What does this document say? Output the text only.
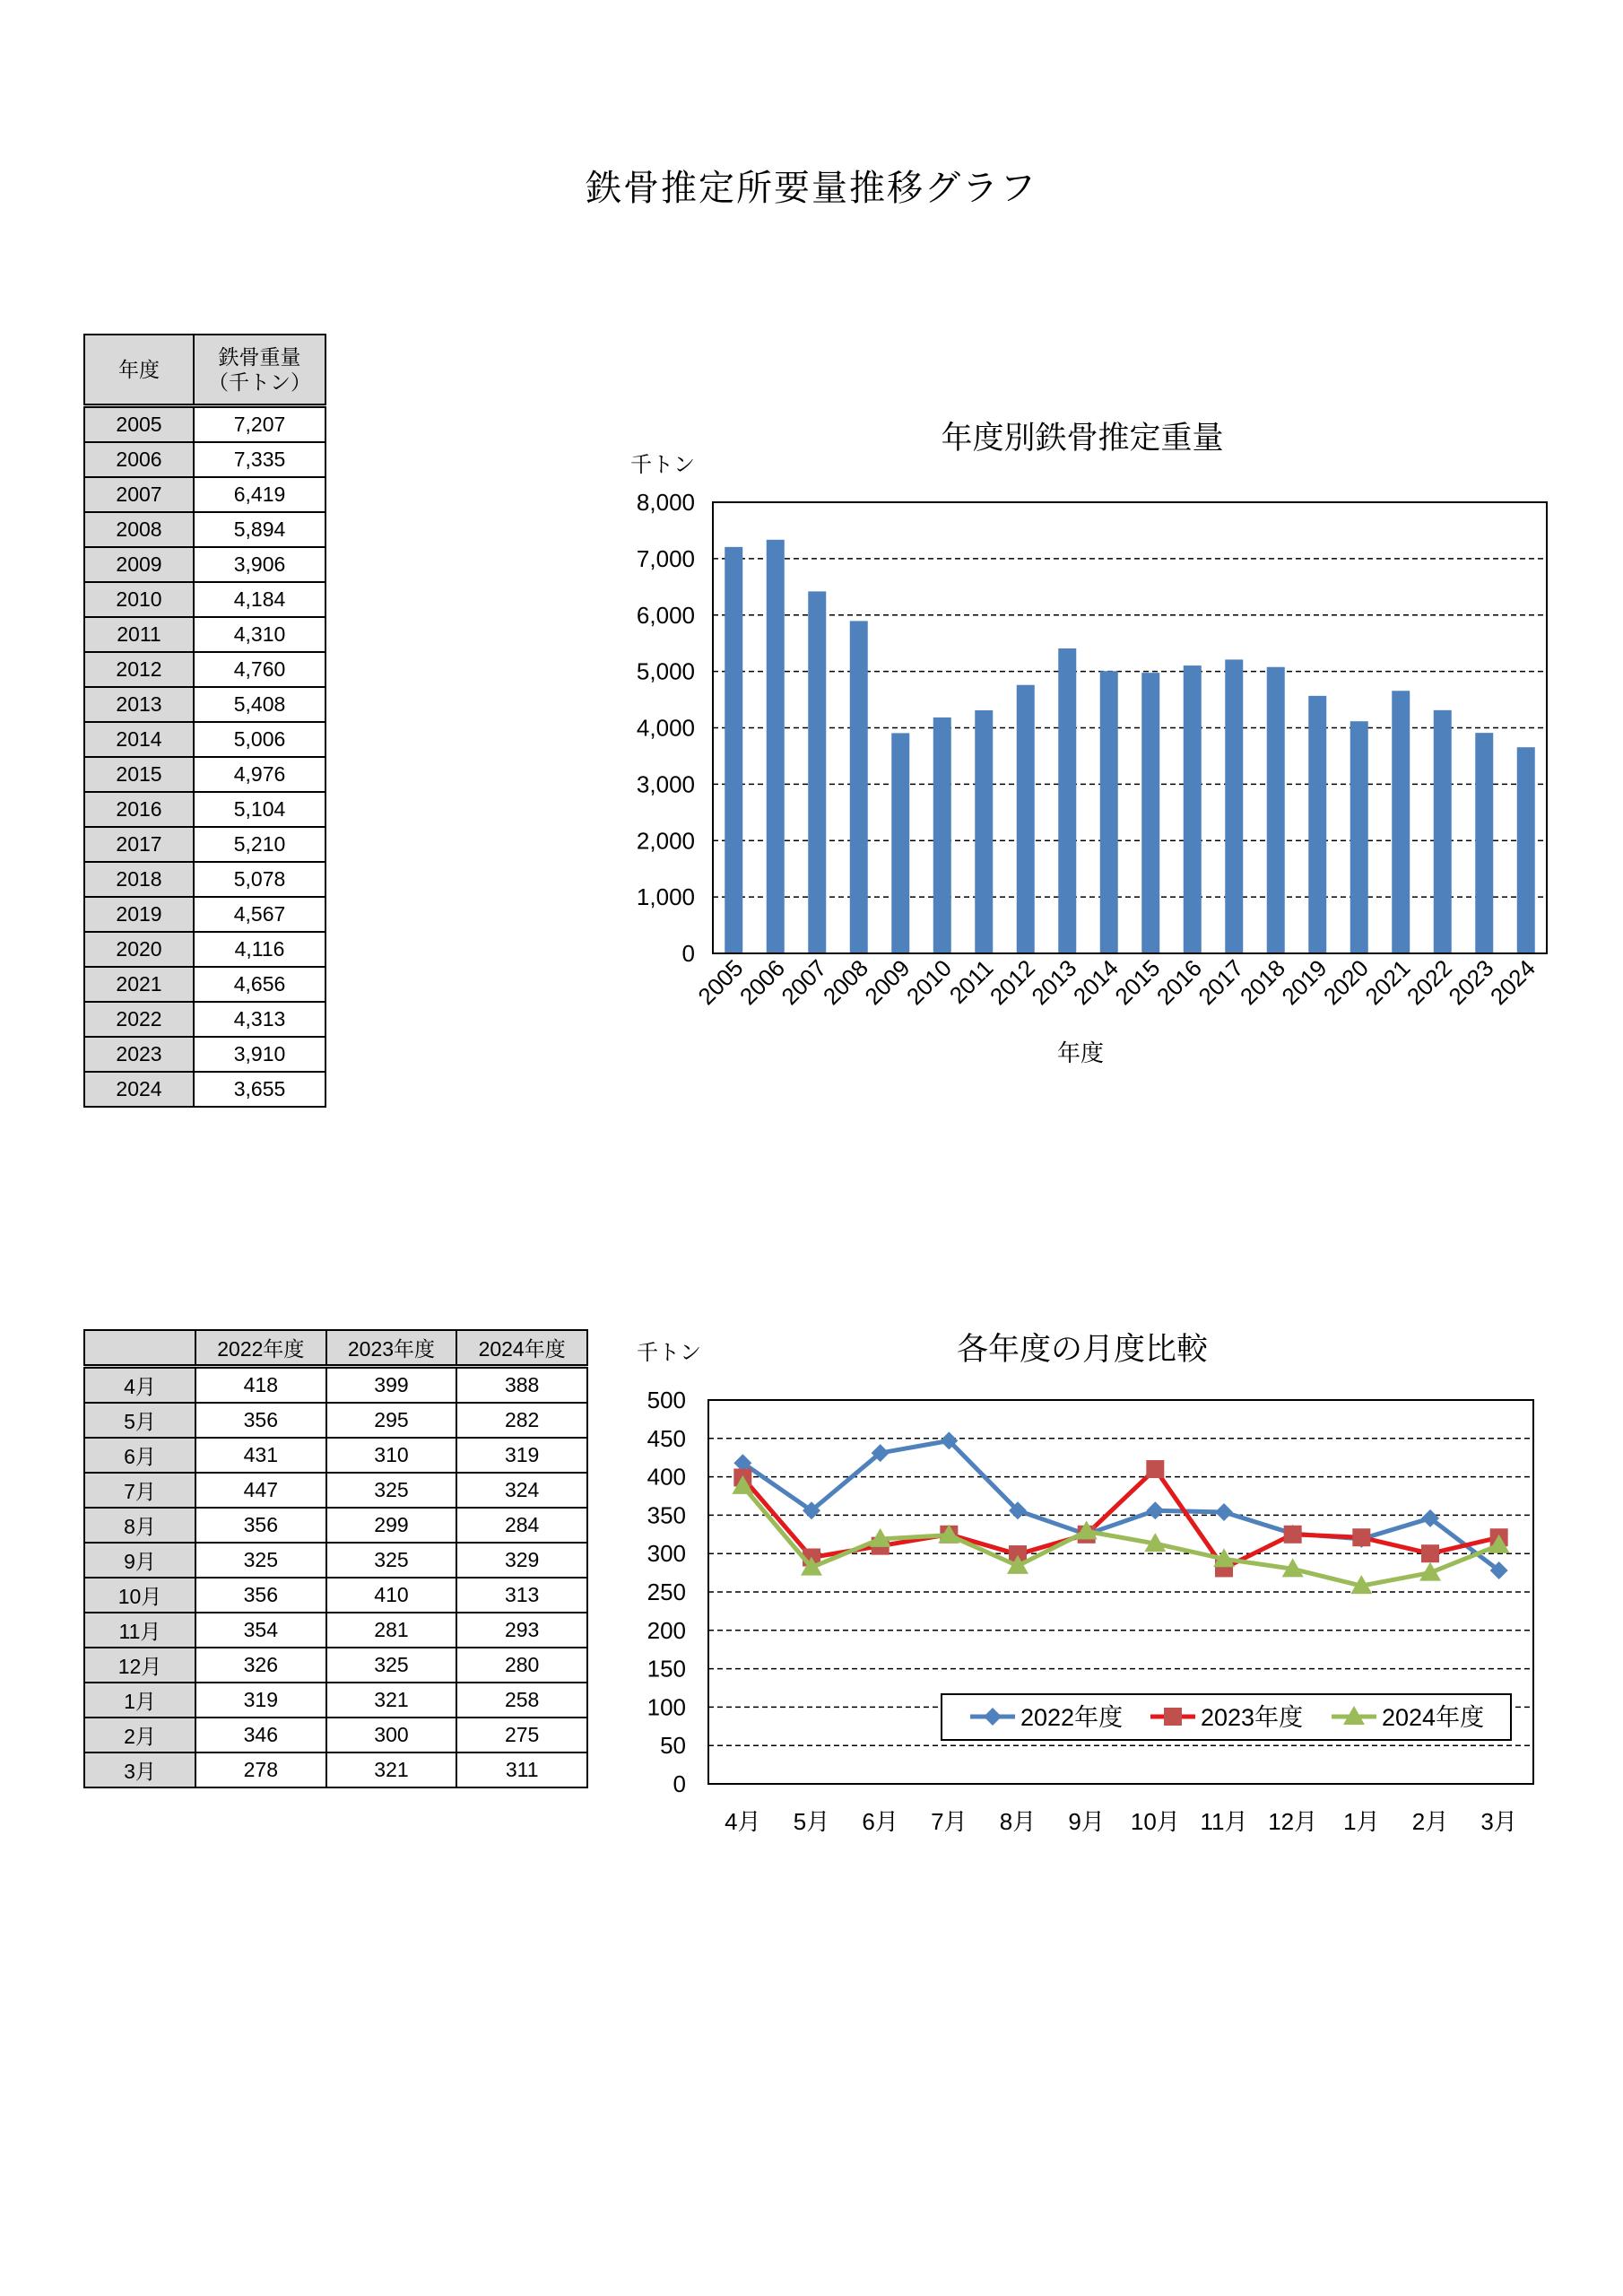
鉄骨推定所要量推移グラフ
年度	鉄骨重量
（千トン）
2005	7,207
2006	7,335
2007	6,419
2008	5,894
2009	3,906
2010	4,184
2011	4,310
2012	4,760
2013	5,408
2014	5,006
2015	4,976
2016	5,104
2017	5,210
2018	5,078
2019	4,567
2020	4,116
2021	4,656
2022	4,313
2023	3,910
2024	3,655
	2022年度	2023年度	2024年度
4月	418	399	388
5月	356	295	282
6月	431	310	319
7月	447	325	324
8月	356	299	284
9月	325	325	329
10月	356	410	313
11月	354	281	293
12月	326	325	280
1月	319	321	258
2月	346	300	275
3月	278	321	311
年度別鉄骨推定重量
千トン
年度
0
1,000
2,000
3,000
4,000
5,000
6,000
7,000
8,000
2005
2006
2007
2008
2009
2010
2011
2012
2013
2014
2015
2016
2017
2018
2019
2020
2021
2022
2023
2024
各年度の月度比較
千トン
0
50
100
150
200
250
300
350
400
450
500
4月 5月 6月 7月 8月 9月 10月 11月 12月 1月 2月 3月
2022年度	2023年度	2024年度
